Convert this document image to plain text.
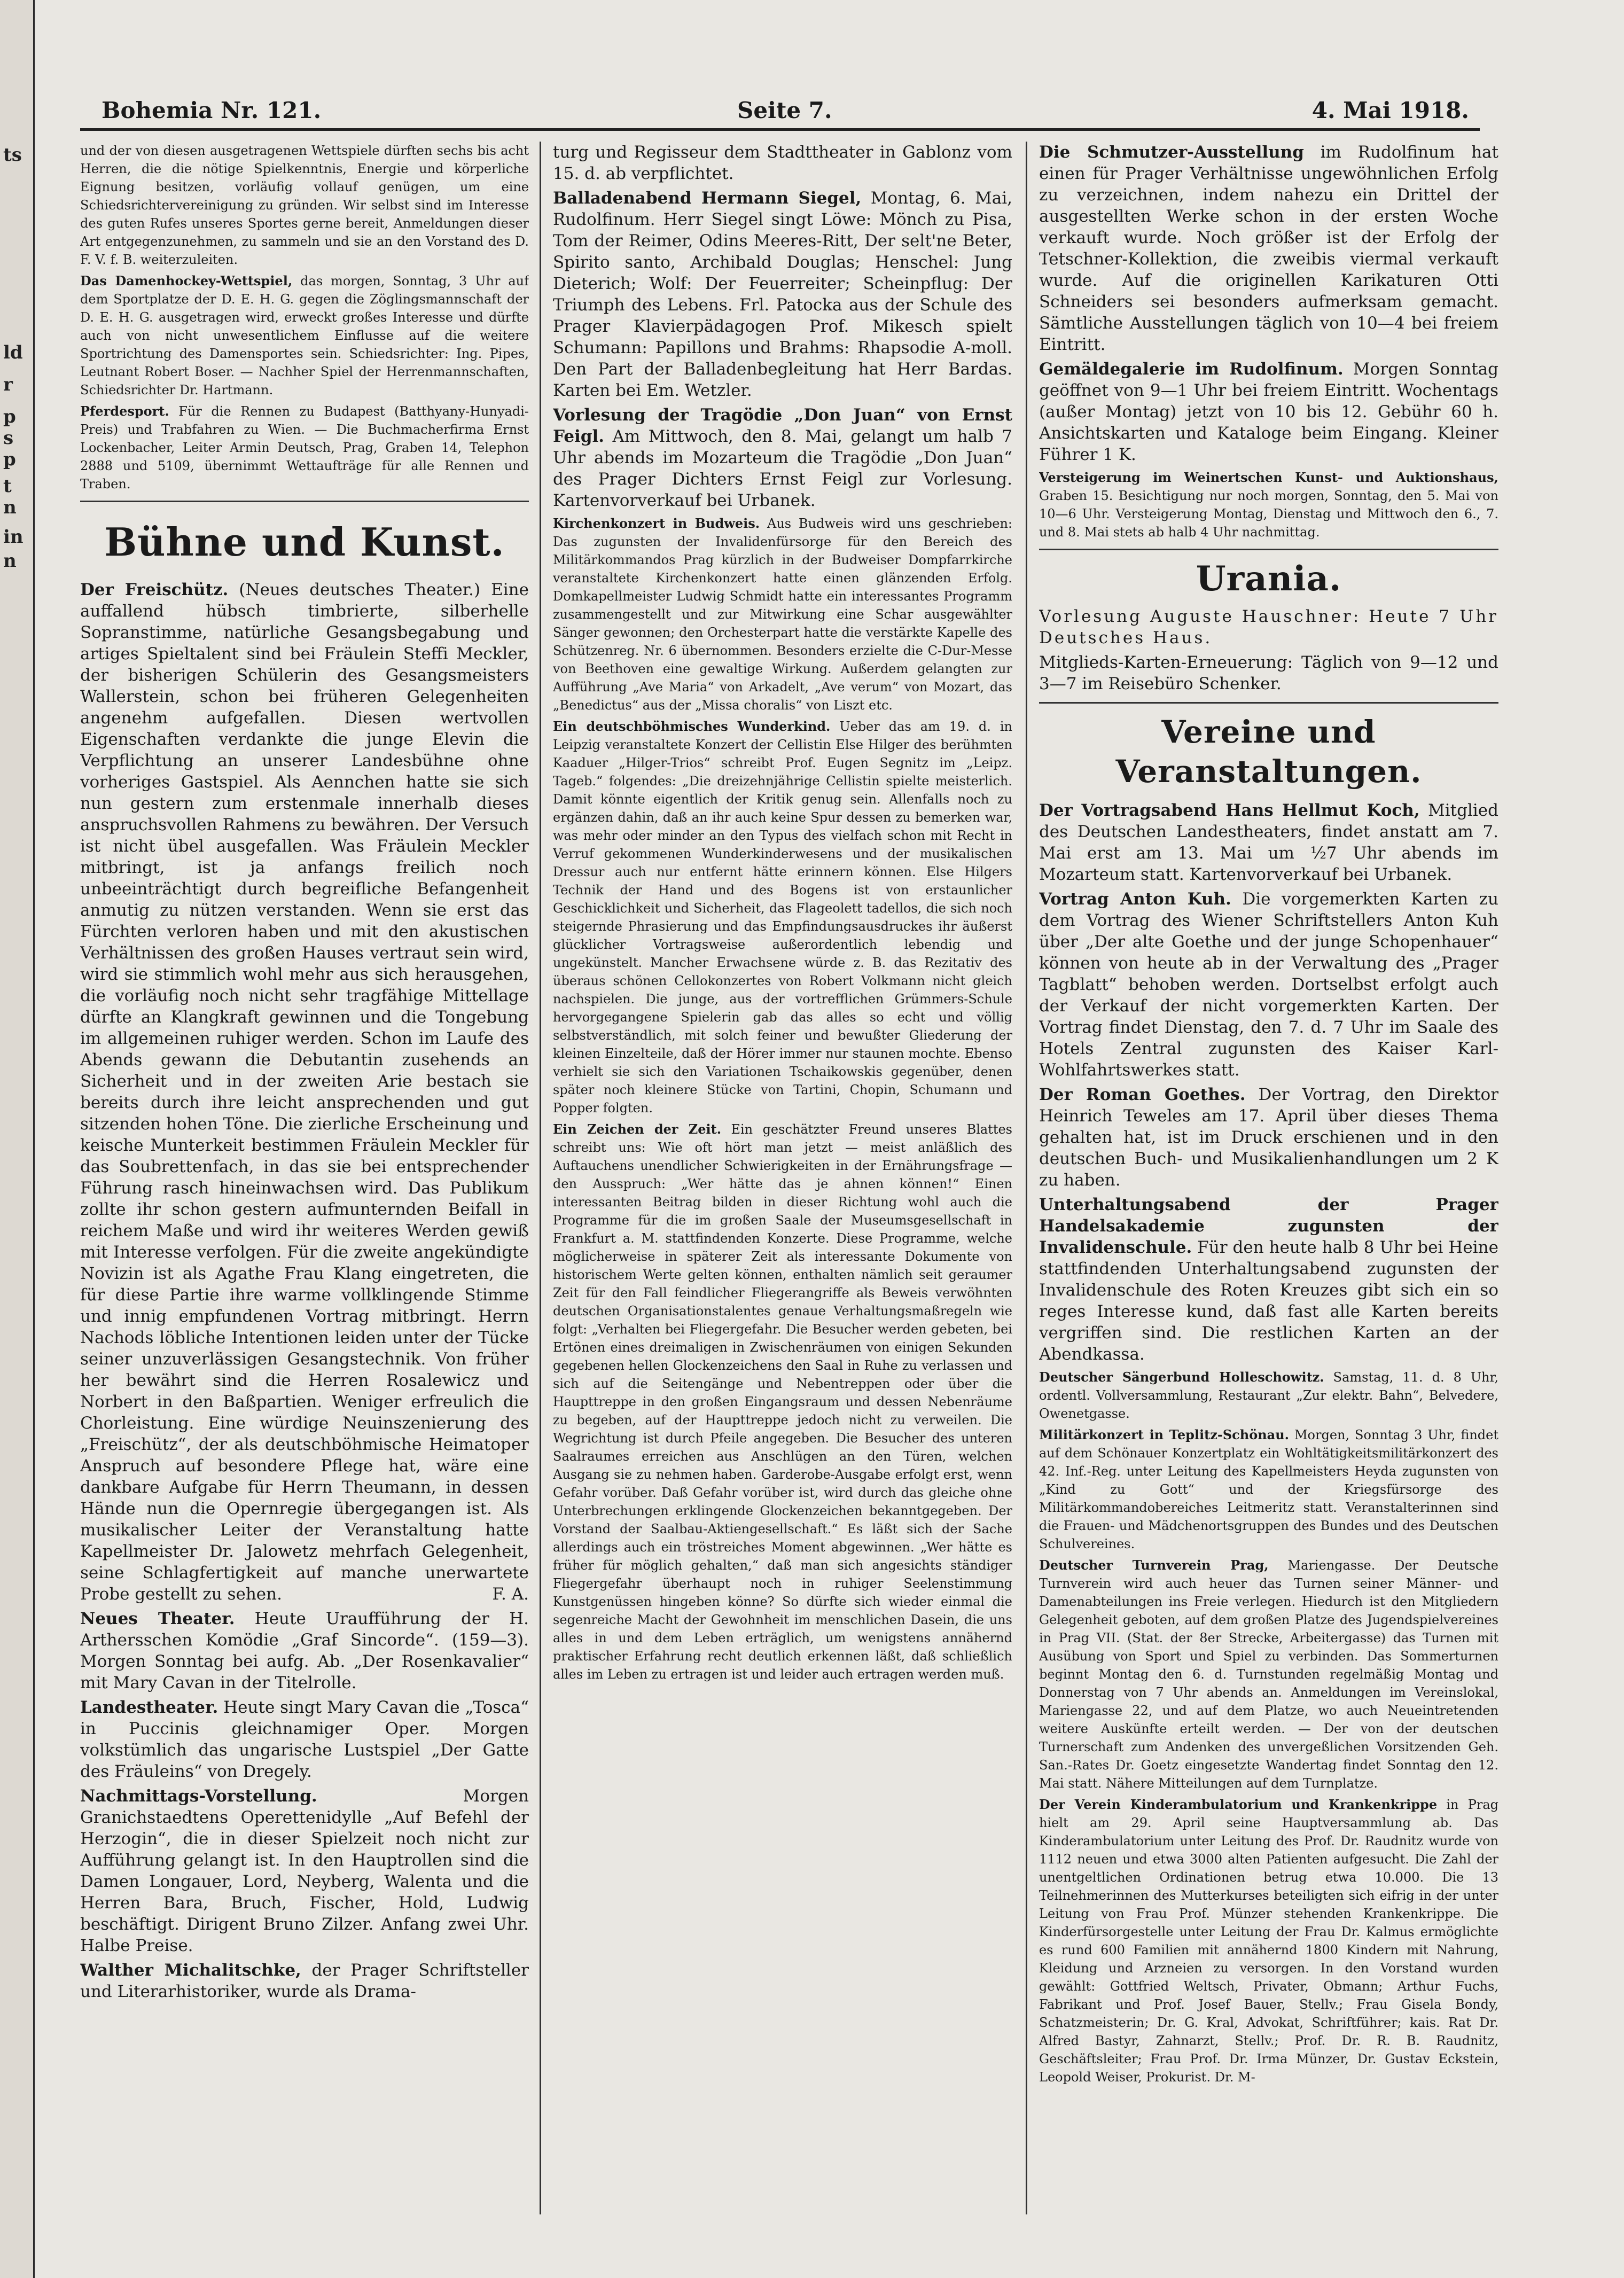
ts
ld
r
p
s
p
t
n
in
n
Bohemia Nr. 121.	Seite 7.	4. Mai 1918.

und der von diesen ausgetragenen Wettspiele dürften sechs bis acht Herren, die die nötige Spielkenntnis, Energie und körperliche Eignung besitzen, vorläufig vollauf genügen, um eine Schiedsrichtervereinigung zu gründen. Wir selbst sind im Interesse des guten Rufes unseres Sportes gerne bereit, Anmeldungen dieser Art entgegenzunehmen, zu sammeln und sie an den Vorstand des D. F. V. f. B. weiterzuleiten.

Das Damenhockey-Wettspiel, das morgen, Sonntag, 3 Uhr auf dem Sportplatze der D. E. H. G. gegen die Zöglingsmannschaft der D. E. H. G. ausgetragen wird, erweckt großes Interesse und dürfte auch von nicht unwesentlichem Einflusse auf die weitere Sportrichtung des Damensportes sein. Schiedsrichter: Ing. Pipes, Leutnant Robert Boser. — Nachher Spiel der Herrenmannschaften, Schiedsrichter Dr. Hartmann.

Pferdesport. Für die Rennen zu Budapest (Batthyany-Hunyadi-Preis) und Trabfahren zu Wien. — Die Buchmacherfirma Ernst Lockenbacher, Leiter Armin Deutsch, Prag, Graben 14, Telephon 2888 und 5109, übernimmt Wettaufträge für alle Rennen und Traben.

Bühne und Kunst.

Der Freischütz. (Neues deutsches Theater.) Eine auffallend hübsch timbrierte, silberhelle Sopranstimme, natürliche Gesangsbegabung und artiges Spieltalent sind bei Fräulein Steffi Meckler, der bisherigen Schülerin des Gesangsmeisters Wallerstein, schon bei früheren Gelegenheiten angenehm aufgefallen. Diesen wertvollen Eigenschaften verdankte die junge Elevin die Verpflichtung an unserer Landesbühne ohne vorheriges Gastspiel. Als Aennchen hatte sie sich nun gestern zum erstenmale innerhalb dieses anspruchsvollen Rahmens zu bewähren. Der Versuch ist nicht übel ausgefallen. Was Fräulein Meckler mitbringt, ist ja anfangs freilich noch unbeeinträchtigt durch begreifliche Befangenheit anmutig zu nützen verstanden. Wenn sie erst das Fürchten verloren haben und mit den akustischen Verhältnissen des großen Hauses vertraut sein wird, wird sie stimmlich wohl mehr aus sich herausgehen, die vorläufig noch nicht sehr tragfähige Mittellage dürfte an Klangkraft gewinnen und die Tongebung im allgemeinen ruhiger werden. Schon im Laufe des Abends gewann die Debutantin zusehends an Sicherheit und in der zweiten Arie bestach sie bereits durch ihre leicht ansprechenden und gut sitzenden hohen Töne. Die zierliche Erscheinung und keische Munterkeit bestimmen Fräulein Meckler für das Soubrettenfach, in das sie bei entsprechender Führung rasch hineinwachsen wird. Das Publikum zollte ihr schon gestern aufmunternden Beifall in reichem Maße und wird ihr weiteres Werden gewiß mit Interesse verfolgen. Für die zweite angekündigte Novizin ist als Agathe Frau Klang eingetreten, die für diese Partie ihre warme vollklingende Stimme und innig empfundenen Vortrag mitbringt. Herrn Nachods löbliche Intentionen leiden unter der Tücke seiner unzuverlässigen Gesangstechnik. Von früher her bewährt sind die Herren Rosalewicz und Norbert in den Baßpartien. Weniger erfreulich die Chorleistung. Eine würdige Neuinszenierung des „Freischütz“, der als deutschböhmische Heimatoper Anspruch auf besondere Pflege hat, wäre eine dankbare Aufgabe für Herrn Theumann, in dessen Hände nun die Opernregie übergegangen ist. Als musikalischer Leiter der Veranstaltung hatte Kapellmeister Dr. Jalowetz mehrfach Gelegenheit, seine Schlagfertigkeit auf manche unerwartete Probe gestellt zu sehen.	F. A.

Neues Theater. Heute Uraufführung der H. Arthersschen Komödie „Graf Sincorde“. (159—3). Morgen Sonntag bei aufg. Ab. „Der Rosenkavalier“ mit Mary Cavan in der Titelrolle.

Landestheater. Heute singt Mary Cavan die „Tosca“ in Puccinis gleichnamiger Oper. Morgen volkstümlich das ungarische Lustspiel „Der Gatte des Fräuleins“ von Dregely.

Nachmittags-Vorstellung.	Morgen Granichstaedtens Operettenidylle „Auf Befehl der Herzogin“, die in dieser Spielzeit noch nicht zur Aufführung gelangt ist. In den Hauptrollen sind die Damen Longauer, Lord, Neyberg, Walenta und die Herren Bara, Bruch, Fischer, Hold, Ludwig beschäftigt. Dirigent Bruno Zilzer. Anfang zwei Uhr. Halbe Preise.

Walther Michalitschke, der Prager Schriftsteller und Literarhistoriker, wurde als Drama-

turg und Regisseur dem Stadttheater in Gablonz vom 15. d. ab verpflichtet.

Balladenabend Hermann Siegel, Montag, 6. Mai, Rudolfinum. Herr Siegel singt Löwe: Mönch zu Pisa, Tom der Reimer, Odins Meeres-Ritt, Der selt'ne Beter, Spirito santo, Archibald Douglas; Henschel: Jung Dieterich; Wolf: Der Feuerreiter; Scheinpflug: Der Triumph des Lebens. Frl. Patocka aus der Schule des Prager Klavierpädagogen Prof. Mikesch spielt Schumann: Papillons und Brahms: Rhapsodie A-moll. Den Part der Balladenbegleitung hat Herr Bardas. Karten bei Em. Wetzler.

Vorlesung der Tragödie „Don Juan“ von Ernst Feigl. Am Mittwoch, den 8. Mai, gelangt um halb 7 Uhr abends im Mozarteum die Tragödie „Don Juan“ des Prager Dichters Ernst Feigl zur Vorlesung. Kartenvorverkauf bei Urbanek.

Kirchenkonzert in Budweis. Aus Budweis wird uns geschrieben: Das zugunsten der Invalidenfürsorge für den Bereich des Militärkommandos Prag kürzlich in der Budweiser Dompfarrkirche veranstaltete Kirchenkonzert hatte einen glänzenden Erfolg. Domkapellmeister Ludwig Schmidt hatte ein interessantes Programm zusammengestellt und zur Mitwirkung eine Schar ausgewählter Sänger gewonnen; den Orchesterpart hatte die verstärkte Kapelle des Schützenreg. Nr. 6 übernommen. Besonders erzielte die C-Dur-Messe von Beethoven eine gewaltige Wirkung. Außerdem gelangten zur Aufführung „Ave Maria“ von Arkadelt, „Ave verum“ von Mozart, das „Benedictus“ aus der „Missa choralis“ von Liszt etc.

Ein deutschböhmisches Wunderkind. Ueber das am 19. d. in Leipzig veranstaltete Konzert der Cellistin Else Hilger des berühmten Kaaduer „Hilger-Trios“ schreibt Prof. Eugen Segnitz im „Leipz. Tageb.“ folgendes: „Die dreizehnjährige Cellistin spielte meisterlich. Damit könnte eigentlich der Kritik genug sein. Allenfalls noch zu ergänzen dahin, daß an ihr auch keine Spur dessen zu bemerken war, was mehr oder minder an den Typus des vielfach schon mit Recht in Verruf gekommenen Wunderkinderwesens und der musikalischen Dressur auch nur entfernt hätte erinnern können. Else Hilgers Technik der Hand und des Bogens ist von erstaunlicher Geschicklichkeit und Sicherheit, das Flageolett tadellos, die sich noch steigernde Phrasierung und das Empfindungsausdruckes ihr äußerst glücklicher Vortragsweise außerordentlich lebendig und ungekünstelt. Mancher Erwachsene würde z. B. das Rezitativ des überaus schönen Cellokonzertes von Robert Volkmann nicht gleich nachspielen. Die junge, aus der vortrefflichen Grümmers-Schule hervorgegangene Spielerin gab das alles so echt und völlig selbstverständlich, mit solch feiner und bewußter Gliederung der kleinen Einzelteile, daß der Hörer immer nur staunen mochte. Ebenso verhielt sie sich den Variationen Tschaikowskis gegenüber, denen später noch kleinere Stücke von Tartini, Chopin, Schumann und Popper folgten.

Ein Zeichen der Zeit. Ein geschätzter Freund unseres Blattes schreibt uns: Wie oft hört man jetzt — meist anläßlich des Auftauchens unendlicher Schwierigkeiten in der Ernährungsfrage — den Ausspruch: „Wer hätte das je ahnen können!“ Einen interessanten Beitrag bilden in dieser Richtung wohl auch die Programme für die im großen Saale der Museumsgesellschaft in Frankfurt a. M. stattfindenden Konzerte. Diese Programme, welche möglicherweise in späterer Zeit als interessante Dokumente von historischem Werte gelten können, enthalten nämlich seit geraumer Zeit für den Fall feindlicher Fliegerangriffe als Beweis verwöhnten deutschen Organisationstalentes genaue Verhaltungsmaßregeln wie folgt: „Verhalten bei Fliegergefahr. Die Besucher werden gebeten, bei Ertönen eines dreimaligen in Zwischenräumen von einigen Sekunden gegebenen hellen Glockenzeichens den Saal in Ruhe zu verlassen und sich auf die Seitengänge und Nebentreppen oder über die Haupttreppe in den großen Eingangsraum und dessen Nebenräume zu begeben, auf der Haupttreppe jedoch nicht zu verweilen. Die Wegrichtung ist durch Pfeile angegeben. Die Besucher des unteren Saalraumes erreichen aus Anschlügen an den Türen, welchen Ausgang sie zu nehmen haben. Garderobe-Ausgabe erfolgt erst, wenn Gefahr vorüber. Daß Gefahr vorüber ist, wird durch das gleiche ohne Unterbrechungen erklingende Glockenzeichen bekanntgegeben. Der Vorstand der Saalbau-Aktiengesellschaft.“ Es läßt sich der Sache allerdings auch ein tröstreiches Moment abgewinnen. „Wer hätte es früher für möglich gehalten,“ daß man sich angesichts ständiger Fliegergefahr überhaupt noch in ruhiger Seelenstimmung Kunstgenüssen hingeben könne? So dürfte sich wieder einmal die segenreiche Macht der Gewohnheit im menschlichen Dasein, die uns alles in und dem Leben erträglich, um wenigstens annähernd praktischer Erfahrung recht deutlich erkennen läßt, daß schließlich alles im Leben zu ertragen ist und leider auch ertragen werden muß.

Die Schmutzer-Ausstellung im Rudolfinum hat einen für Prager Verhältnisse ungewöhnlichen Erfolg zu verzeichnen, indem nahezu ein Drittel der ausgestellten Werke schon in der ersten Woche verkauft wurde. Noch größer ist der Erfolg der Tetschner-Kollektion, die zweibis viermal verkauft wurde. Auf die originellen Karikaturen Otti Schneiders sei besonders aufmerksam gemacht. Sämtliche Ausstellungen täglich von 10—4 bei freiem Eintritt.

Gemäldegalerie im Rudolfinum. Morgen Sonntag geöffnet von 9—1 Uhr bei freiem Eintritt. Wochentags (außer Montag) jetzt von 10 bis 12. Gebühr 60 h. Ansichtskarten und Kataloge beim Eingang. Kleiner Führer 1 K.

Versteigerung im Weinertschen Kunst- und Auktionshaus, Graben 15. Besichtigung nur noch morgen, Sonntag, den 5. Mai von 10—6 Uhr. Versteigerung Montag, Dienstag und Mittwoch den 6., 7. und 8. Mai stets ab halb 4 Uhr nachmittag.

Urania.

Vorlesung Auguste Hauschner: Heute 7 Uhr Deutsches Haus.

Mitglieds-Karten-Erneuerung: Täglich von 9—12 und 3—7 im Reisebüro Schenker.

Vereine und Veranstaltungen.

Der Vortragsabend Hans Hellmut Koch, Mitglied des Deutschen Landestheaters, findet anstatt am 7. Mai erst am 13. Mai um ½7 Uhr abends im Mozarteum statt. Kartenvorverkauf bei Urbanek.

Vortrag Anton Kuh. Die vorgemerkten Karten zu dem Vortrag des Wiener Schriftstellers Anton Kuh über „Der alte Goethe und der junge Schopenhauer“ können von heute ab in der Verwaltung des „Prager Tagblatt“ behoben werden. Dortselbst erfolgt auch der Verkauf der nicht vorgemerkten Karten. Der Vortrag findet Dienstag, den 7. d. 7 Uhr im Saale des Hotels Zentral zugunsten des Kaiser Karl-Wohlfahrtswerkes statt.

Der Roman Goethes. Der Vortrag, den Direktor Heinrich Teweles am 17. April über dieses Thema gehalten hat, ist im Druck erschienen und in den deutschen Buch- und Musikalienhandlungen um 2 K zu haben.

Unterhaltungsabend der Prager Handelsakademie zugunsten der Invalidenschule. Für den heute halb 8 Uhr bei Heine stattfindenden Unterhaltungsabend zugunsten der Invalidenschule des Roten Kreuzes gibt sich ein so reges Interesse kund, daß fast alle Karten bereits vergriffen sind. Die restlichen Karten an der Abendkassa.

Deutscher Sängerbund Holleschowitz. Samstag, 11. d. 8 Uhr, ordentl. Vollversammlung, Restaurant „Zur elektr. Bahn“, Belvedere, Owenetgasse.

Militärkonzert in Teplitz-Schönau. Morgen, Sonntag 3 Uhr, findet auf dem Schönauer Konzertplatz ein Wohltätigkeitsmilitärkonzert des 42. Inf.-Reg. unter Leitung des Kapellmeisters Heyda zugunsten von „Kind zu Gott“ und der Kriegsfürsorge des Militärkommandobereiches Leitmeritz statt. Veranstalterinnen sind die Frauen- und Mädchenortsgruppen des Bundes und des Deutschen Schulvereines.

Deutscher Turnverein Prag, Mariengasse. Der Deutsche Turnverein wird auch heuer das Turnen seiner Männer- und Damenabteilungen ins Freie verlegen. Hiedurch ist den Mitgliedern Gelegenheit geboten, auf dem großen Platze des Jugendspielvereines in Prag VII. (Stat. der 8er Strecke, Arbeitergasse) das Turnen mit Ausübung von Sport und Spiel zu verbinden. Das Sommerturnen beginnt Montag den 6. d. Turnstunden regelmäßig Montag und Donnerstag von 7 Uhr abends an. Anmeldungen im Vereinslokal, Mariengasse 22, und auf dem Platze, wo auch Neueintretenden weitere Auskünfte erteilt werden. — Der von der deutschen Turnerschaft zum Andenken des unvergeßlichen Vorsitzenden Geh. San.-Rates Dr. Goetz eingesetzte Wandertag findet Sonntag den 12. Mai statt. Nähere Mitteilungen auf dem Turnplatze.

Der Verein Kinderambulatorium und Krankenkrippe in Prag hielt am 29. April seine Hauptversammlung ab. Das Kinderambulatorium unter Leitung des Prof. Dr. Raudnitz wurde von 1112 neuen und etwa 3000 alten Patienten aufgesucht. Die Zahl der unentgeltlichen Ordinationen betrug etwa 10.000. Die 13 Teilnehmerinnen des Mutterkurses beteiligten sich eifrig in der unter Leitung von Frau Prof. Münzer stehenden Krankenkrippe. Die Kinderfürsorgestelle unter Leitung der Frau Dr. Kalmus ermöglichte es rund 600 Familien mit annähernd 1800 Kindern mit Nahrung, Kleidung und Arzneien zu versorgen. In den Vorstand wurden gewählt: Gottfried Weltsch, Privater, Obmann; Arthur Fuchs, Fabrikant und Prof. Josef Bauer, Stellv.; Frau Gisela Bondy, Schatzmeisterin; Dr. G. Kral, Advokat, Schriftführer; kais. Rat Dr. Alfred Bastyr, Zahnarzt, Stellv.; Prof. Dr. R. B. Raudnitz, Geschäftsleiter; Frau Prof. Dr. Irma Münzer, Dr. Gustav Eckstein, Leopold Weiser, Prokurist. Dr. M-
